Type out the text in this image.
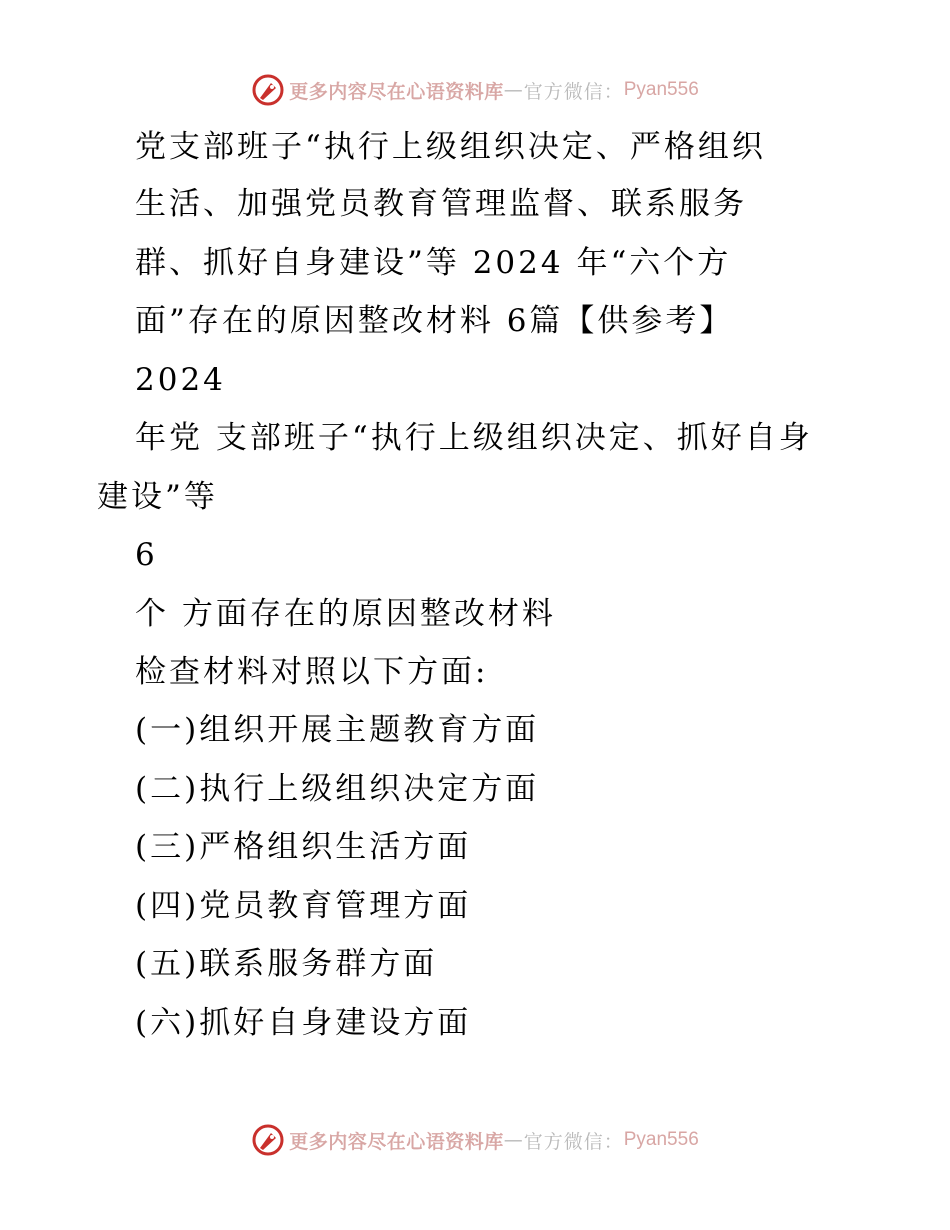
更多内容尽在心语资料库 — 官方微信： Pyan556
党支部班子“执行上级组织决定、严格组织
生活、加强党员教育管理监督、联系服务
群、抓好自身建设”等 2024 年“六个方
面”存在的原因整改材料 6篇【供参考】
2024
年党 支部班子“执行上级组织决定、抓好自身
建设”等
6
个 方面存在的原因整改材料
检查材料对照以下方面:
(一)组织开展主题教育方面
(二)执行上级组织决定方面
(三)严格组织生活方面
(四)党员教育管理方面
(五)联系服务群方面
(六)抓好自身建设方面
更多内容尽在心语资料库 — 官方微信： Pyan556
